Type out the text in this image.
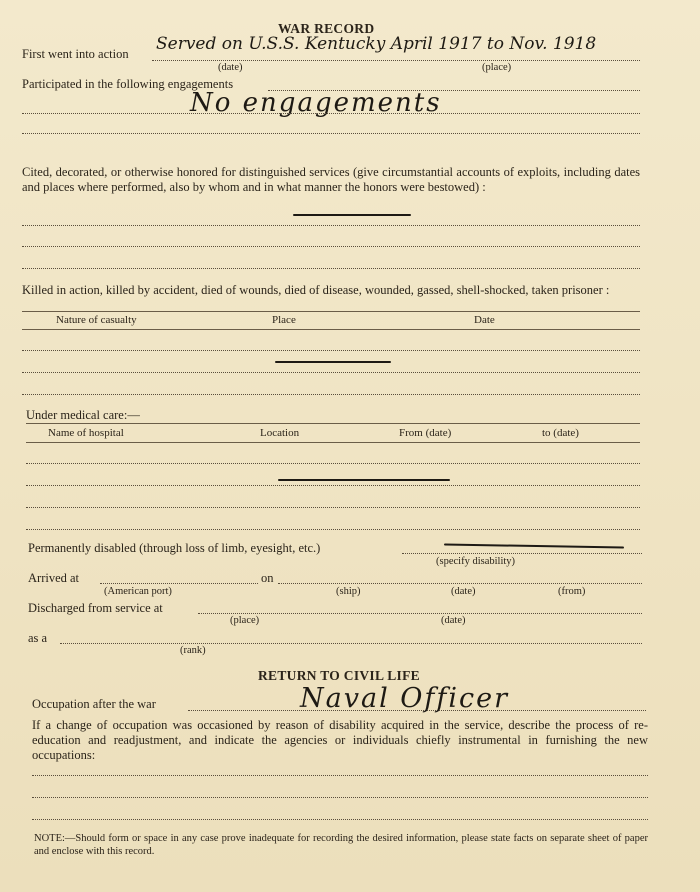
WAR RECORD
First went into action Served on U.S.S. Kentucky April 1917 to Nov. 1918
(date)	(place)
Participated in the following engagements
No engagements
Cited, decorated, or otherwise honored for distinguished services (give circumstantial accounts of exploits, including dates and places where performed, also by whom and in what manner the honors were bestowed) :
Killed in action, killed by accident, died of wounds, died of disease, wounded, gassed, shell-shocked, taken prisoner :
Nature of casualty	Place	Date
Under medical care:—
Name of hospital	Location	From (date)	to (date)
Permanently disabled (through loss of limb, eyesight, etc.)
(specify disability)
Arrived at	on
(American port)	(ship)	(date)	(from)
Discharged from service at
(place)	(date)
as a
(rank)
RETURN TO CIVIL LIFE
Occupation after the war	Naval Officer
If a change of occupation was occasioned by reason of disability acquired in the service, describe the process of re-education and readjustment, and indicate the agencies or individuals chiefly instrumental in furnishing the new occupations:
NOTE:—Should form or space in any case prove inadequate for recording the desired information, please state facts on separate sheet of paper and enclose with this record.
